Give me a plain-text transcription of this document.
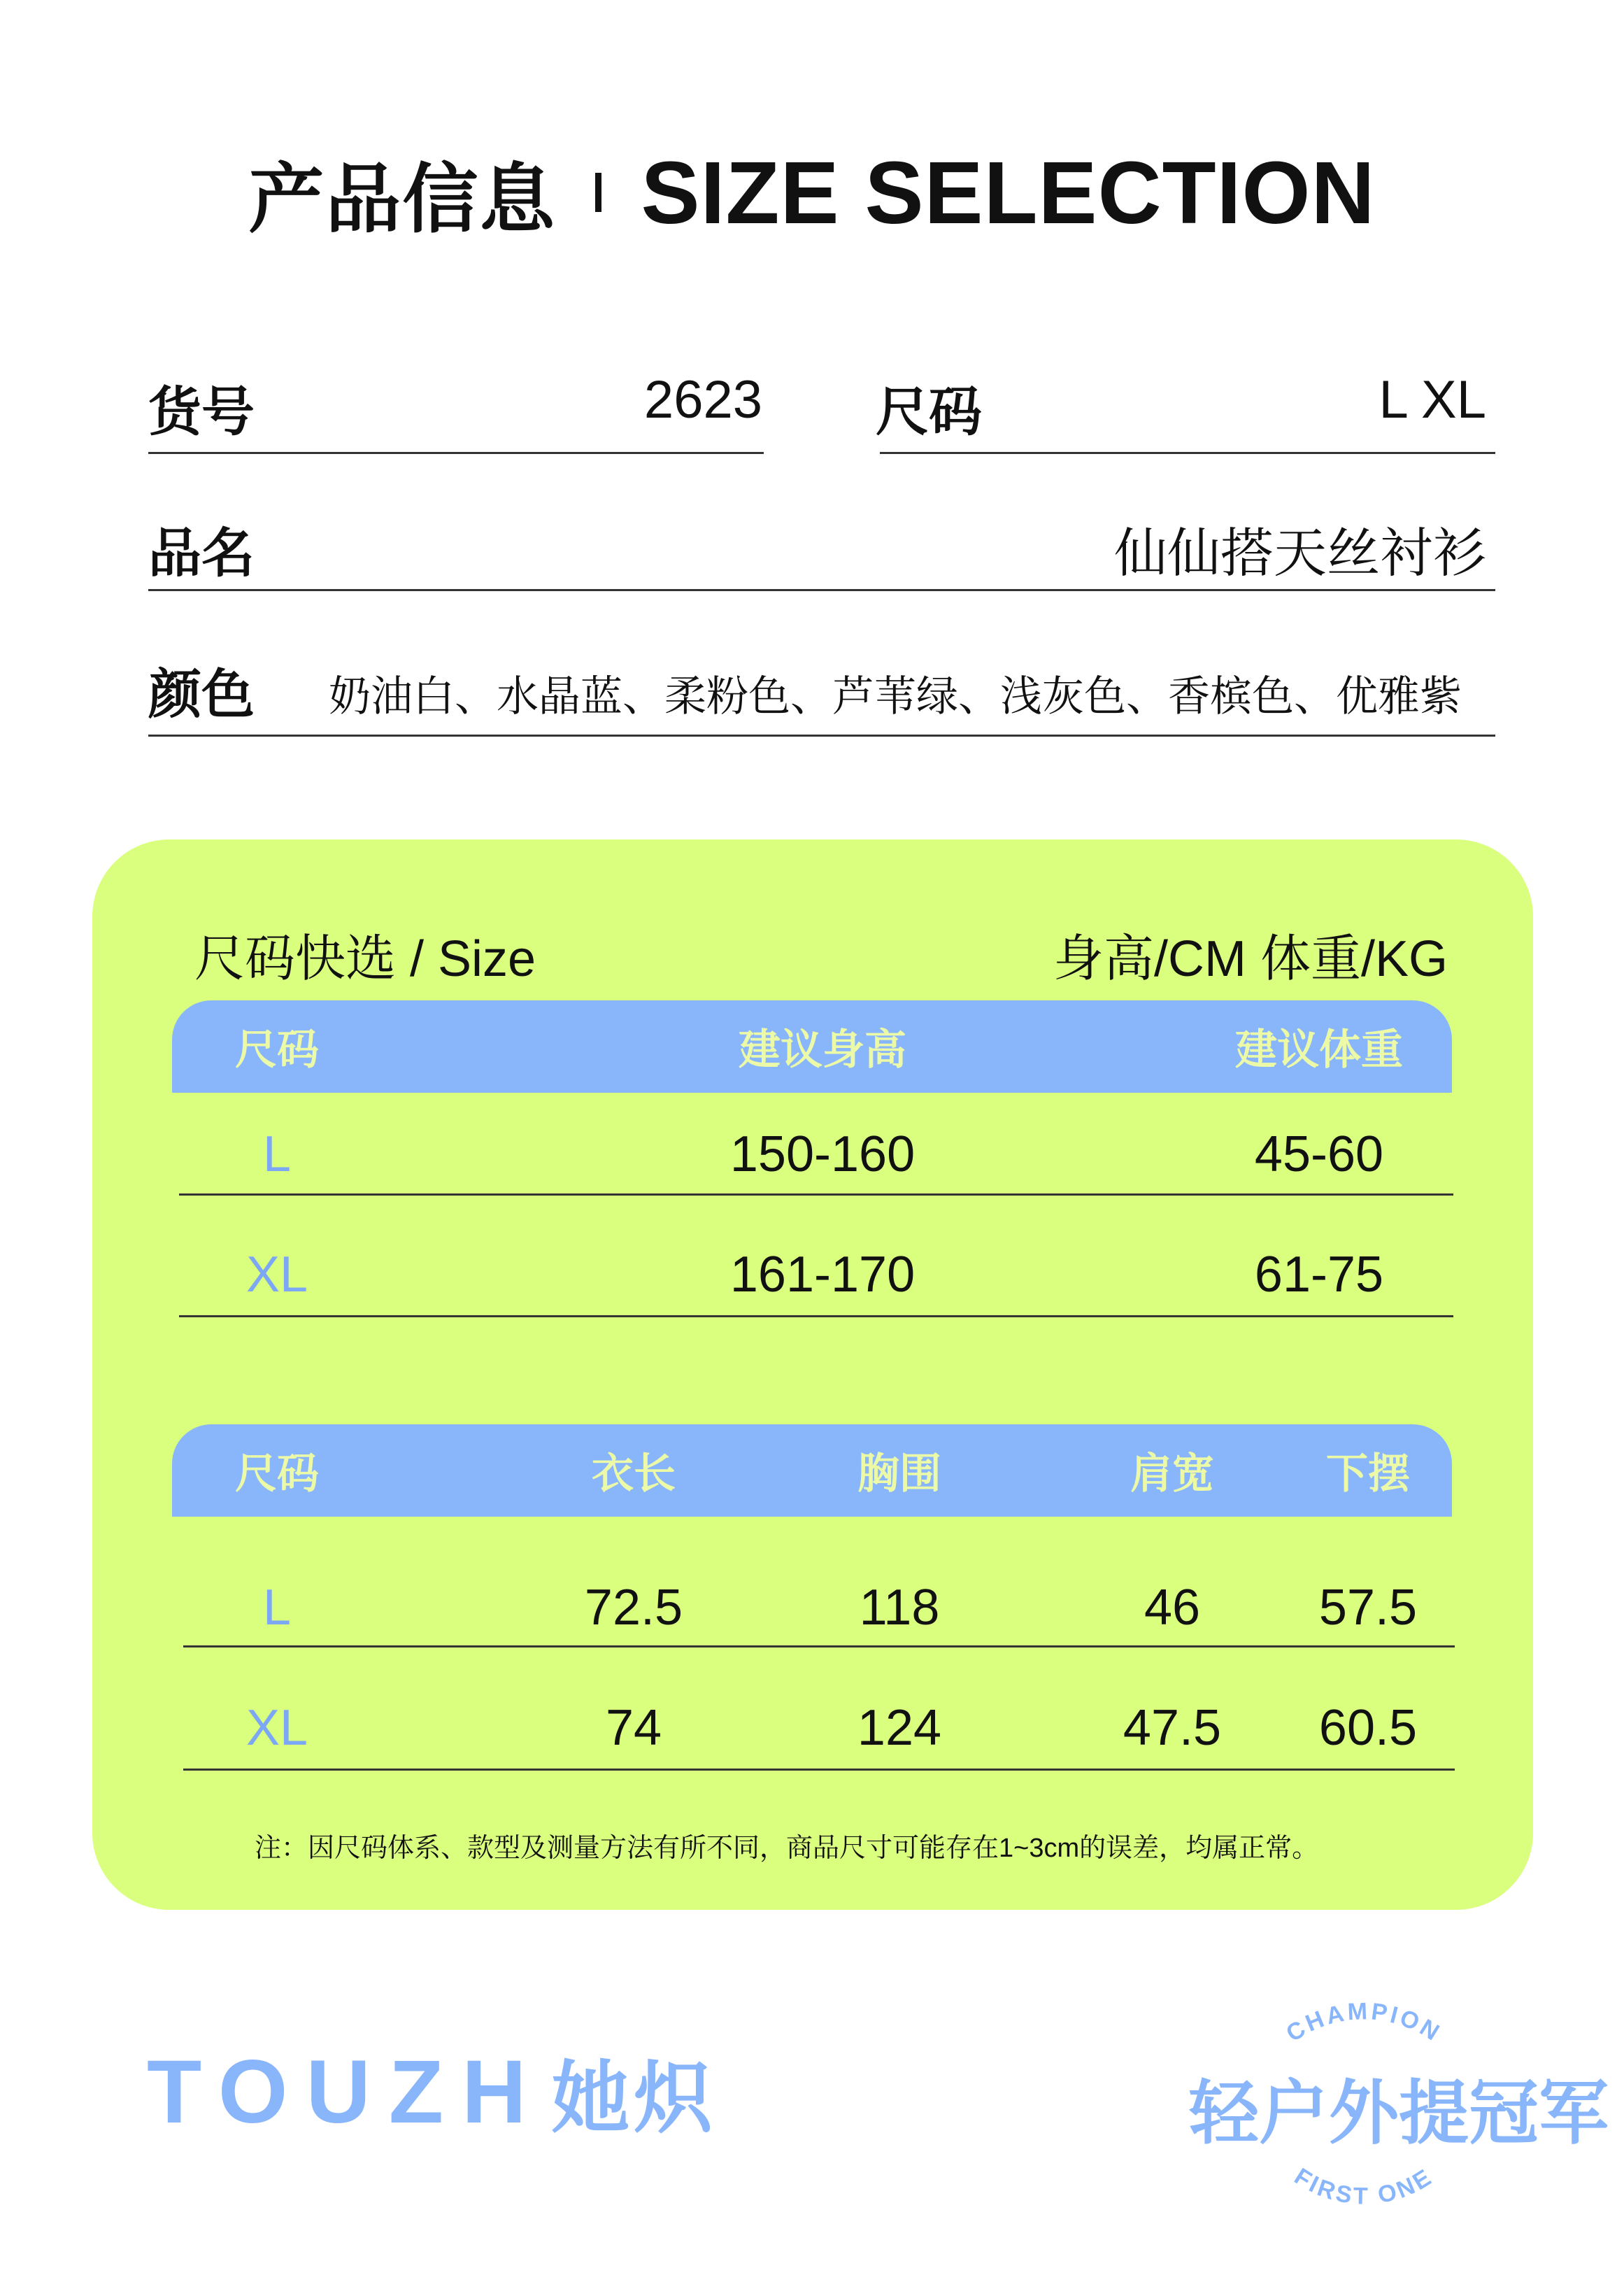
产品信息 SIZE SELECTION
货号	2623 尺码	L XL
品名	仙仙搭天丝衬衫
颜色 奶油白、水晶蓝、柔粉色、芦苇绿、浅灰色、香槟色、优雅紫
尺码快选 / Size	身高/CM 体重/KG
尺码	建议身高	建议体重
L	150-160	45-60
XL	161-170	61-75
尺码	衣长	胸围	肩宽	下摆
L	72.5	118	46	57.5
XL	74	124	47.5	60.5
注：因尺码体系、款型及测量方法有所不同，商品尺寸可能存在1~3cm的误差，均属正常。
TOUZH 她炽
CHAMPION
FIRST ONE
轻户外提冠军
